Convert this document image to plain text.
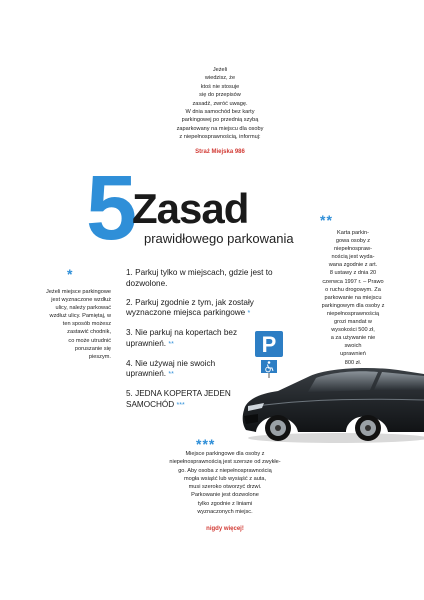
Jeżeli
wiedzisz, że
ktoś nie stosuje
się do przepisów
zasadź, zwróć uwagę.
W dnia samochód bez karty
parkingowej po przednią szybą
zaparkowany na miejscu dla osoby
z niepełnosprawnością, informuj:
Straż Miejska 986
5
Zasad
prawidłowego parkowania
1. Parkuj tylko w miejscach, gdzie jest to dozwolone.
2. Parkuj zgodnie z tym, jak zostały wyznaczone miejsca parkingowe *
3. Nie parkuj na kopertach bez uprawnień. **
4. Nie używaj nie swoich uprawnień. **
5. JEDNA KOPERTA JEDEN SAMOCHÓD ***
*
Jeżeli miejsce parkingowe
jest wyznaczone wzdłuż
ulicy, należy parkować
wzdłuż ulicy. Pamiętaj, w
ten sposób możesz
zastawić chodnik,
co może utrudnić
poruszanie się
pieszym.
**
Karta parkin-
gowa osoby z
niepełnospraw-
nością jest wyda-
wana zgodnie z art.
8 ustawy z dnia 20
czerwca 1997 r. – Prawo
o ruchu drogowym. Za
parkowanie na miejscu
parkingowym dla osoby z
niepełnosprawnością
grozi mandat w
wysokości 500 zł,
a za używanie nie
swoich
uprawnień
800 zł.
P
***
Miejsce parkingowe dla osoby z
niepełnosprawnością jest szersze od zwykłe-
go. Aby osoba z niepełnosprawnością
mogła wsiąść lub wysiąść z auta,
musi szeroko otworzyć drzwi.
Parkowanie jest dozwolone
tylko zgodnie z liniami
wyznaczonych miejsc.
nigdy więcej!
